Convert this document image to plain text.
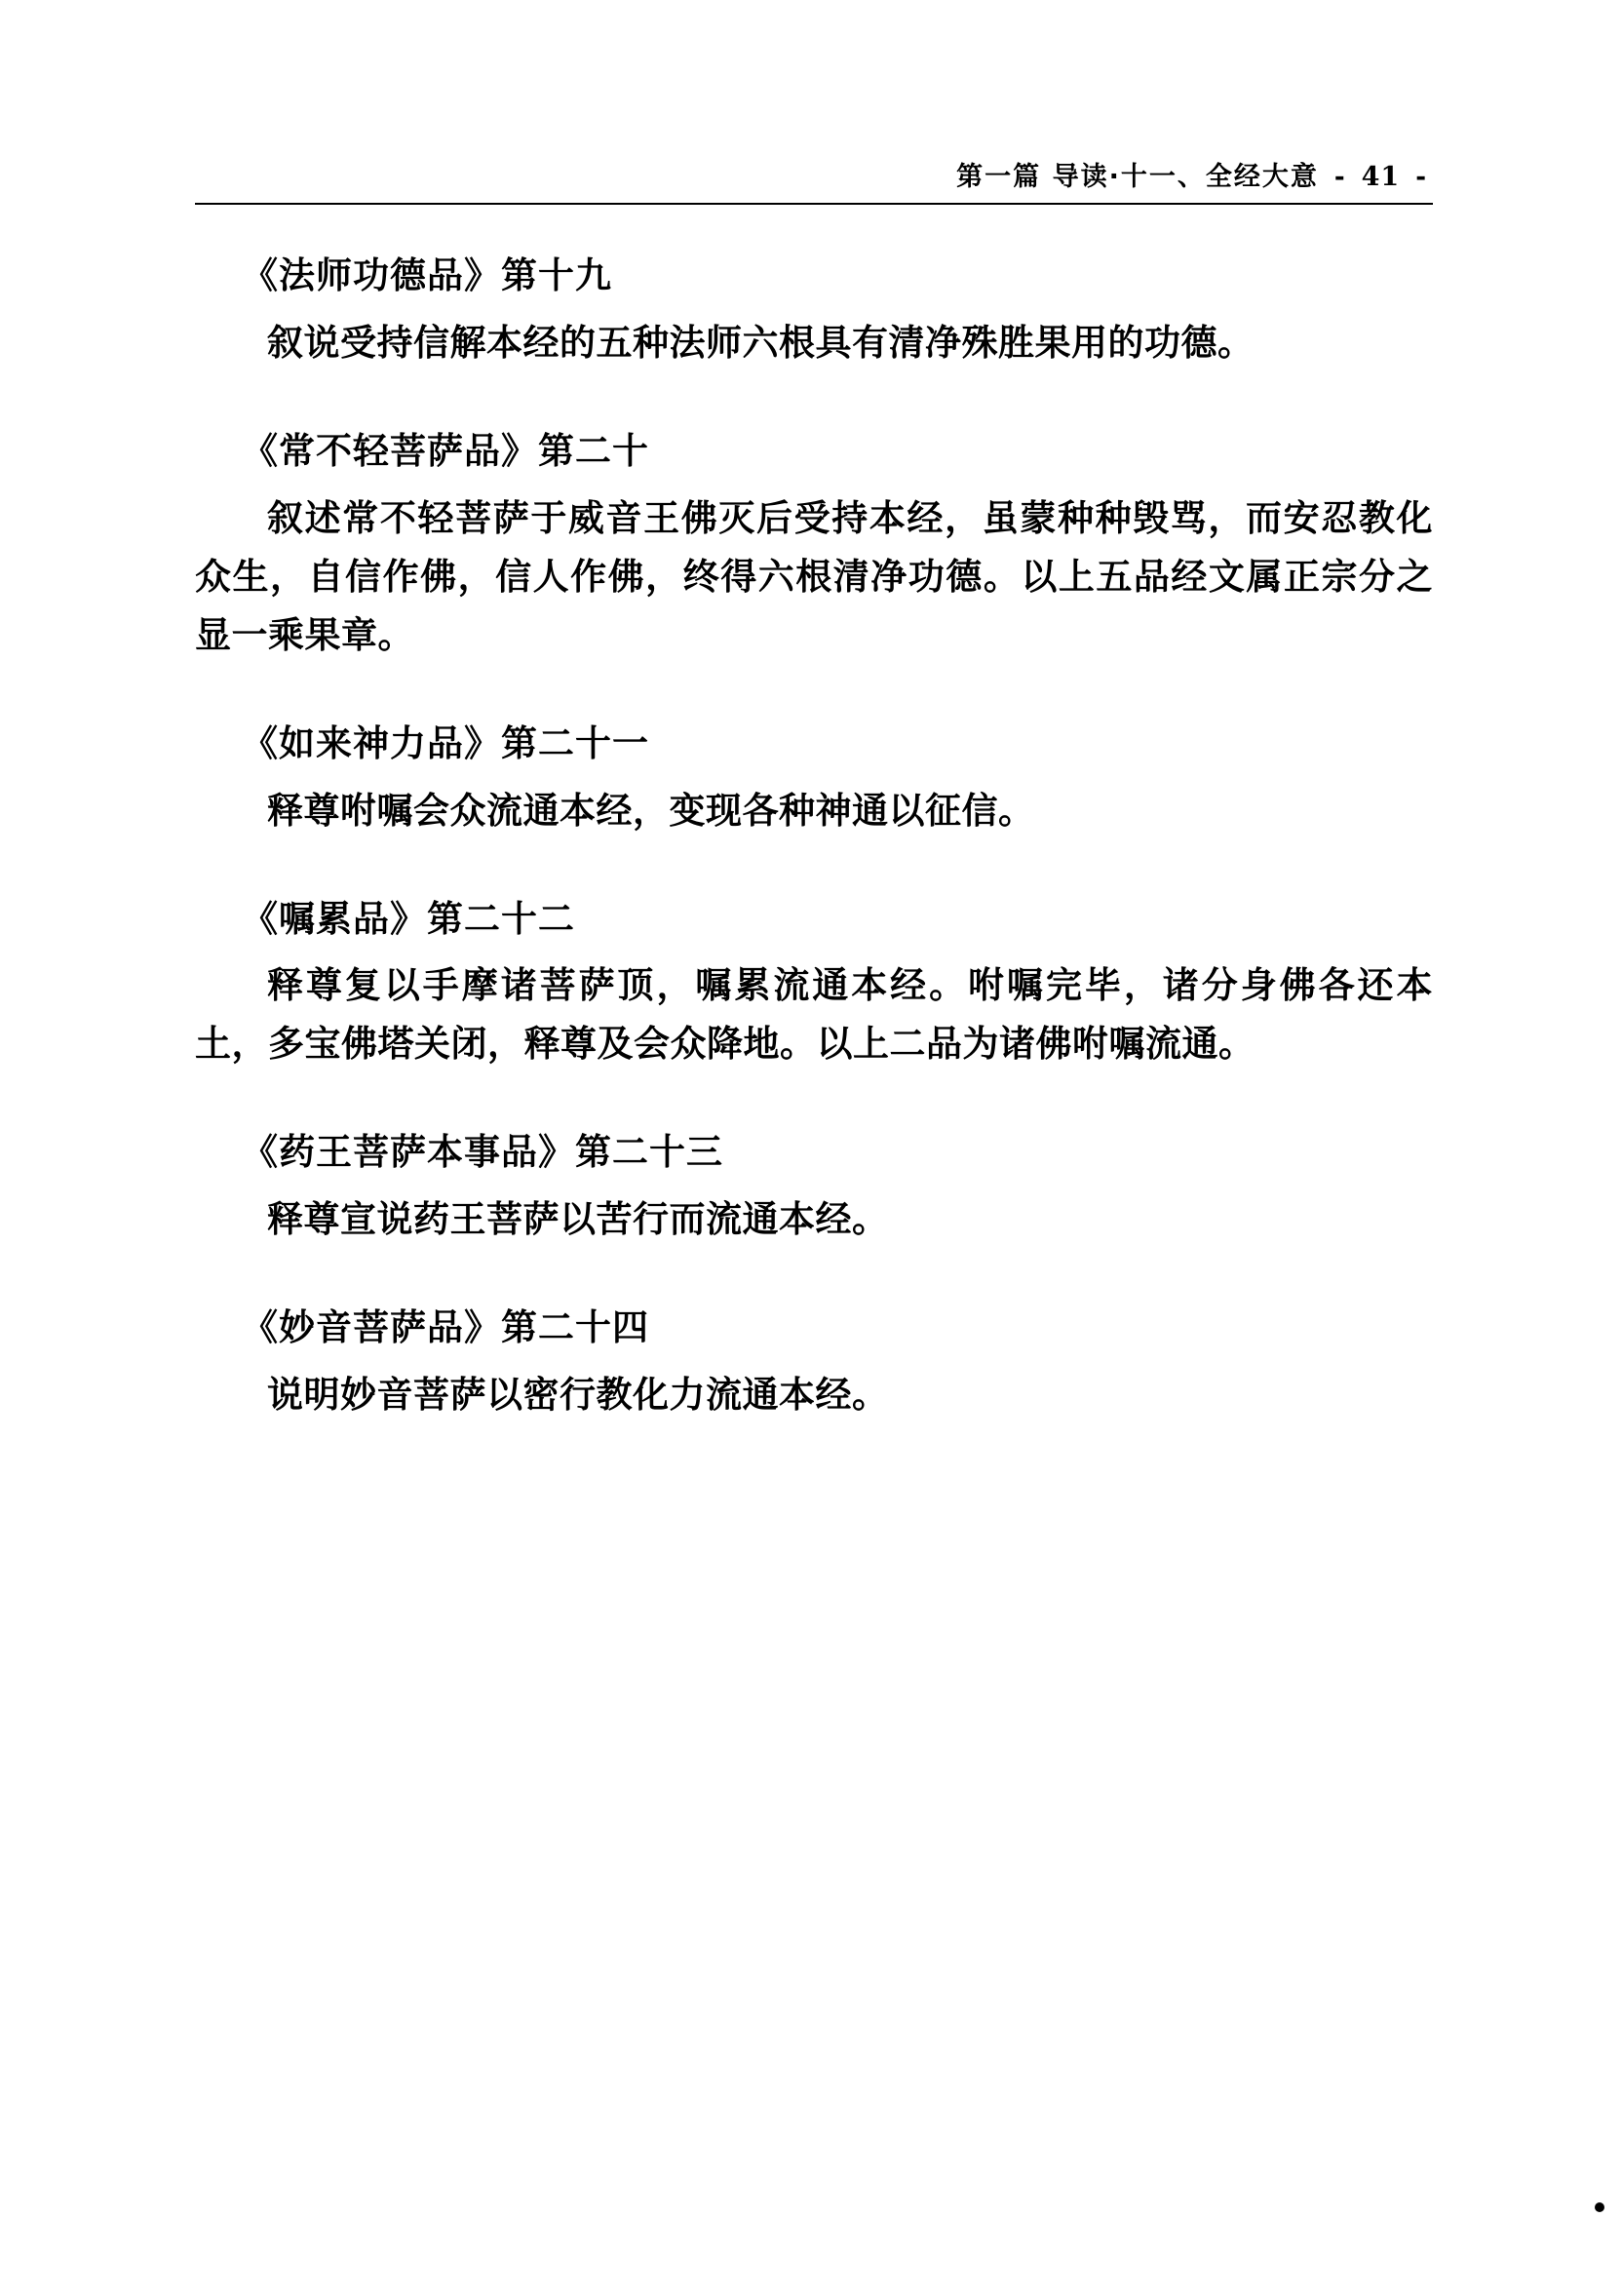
第一篇 导读·十一、全经大意 - 41 -
《法师功德品》第十九
叙说受持信解本经的五种法师六根具有清净殊胜果用的功德。
《常不轻菩萨品》第二十
叙述常不轻菩萨于威音王佛灭后受持本经，虽蒙种种毁骂，而安忍教化众生，自信作佛，信人作佛，终得六根清净功德。以上五品经文属正宗分之显一乘果章。
《如来神力品》第二十一
释尊咐嘱会众流通本经，变现各种神通以征信。
《嘱累品》第二十二
释尊复以手摩诸菩萨顶，嘱累流通本经。咐嘱完毕，诸分身佛各还本土，多宝佛塔关闭，释尊及会众降地。以上二品为诸佛咐嘱流通。
《药王菩萨本事品》第二十三
释尊宣说药王菩萨以苦行而流通本经。
《妙音菩萨品》第二十四
说明妙音菩萨以密行教化力流通本经。
